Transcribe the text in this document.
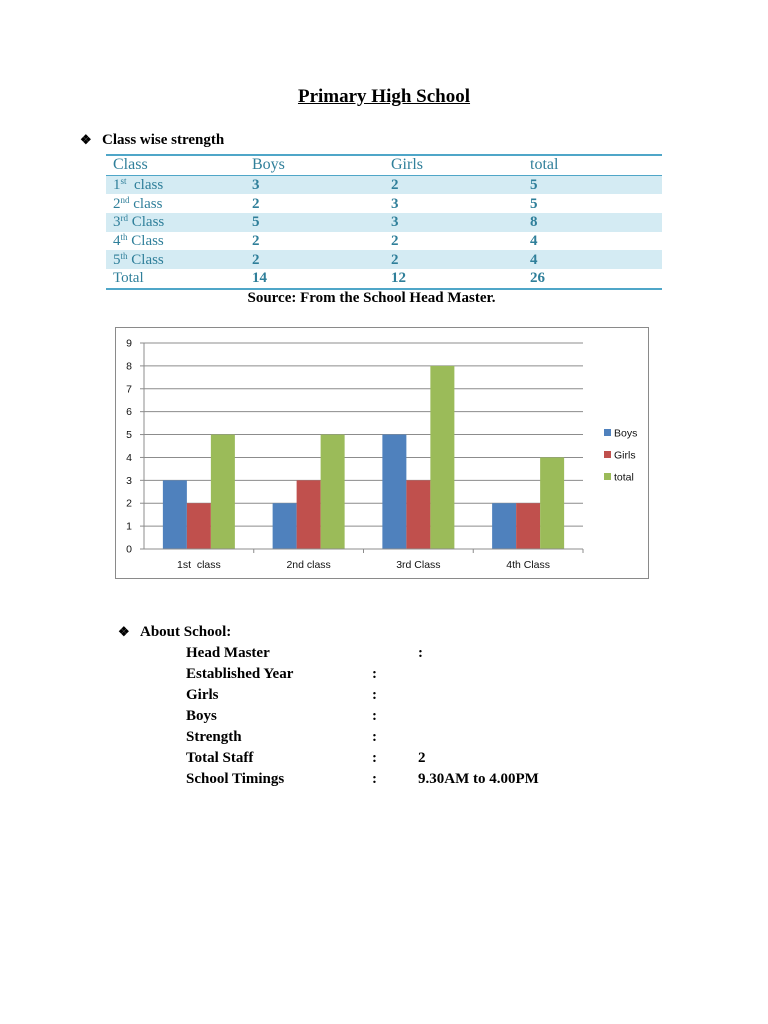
Primary High School
❖ Class wise strength
Class	Boys	Girls	total
1st  class	3	2	5
2nd class	2	3	5
3rd Class	5	3	8
4th Class	2	2	4
5th Class	2	2	4
Total	14	12	26
Source: From the School Head Master.
0
1
2
3
4
5
6
7
8
9
1st  class	2nd class	3rd Class	4th Class
Boys
Girls
total
❖ About School:
Head Master	:
Established Year	:
Girls	:
Boys	:
Strength	:
Total Staff	:	2
School Timings	:	9.30AM to 4.00PM
